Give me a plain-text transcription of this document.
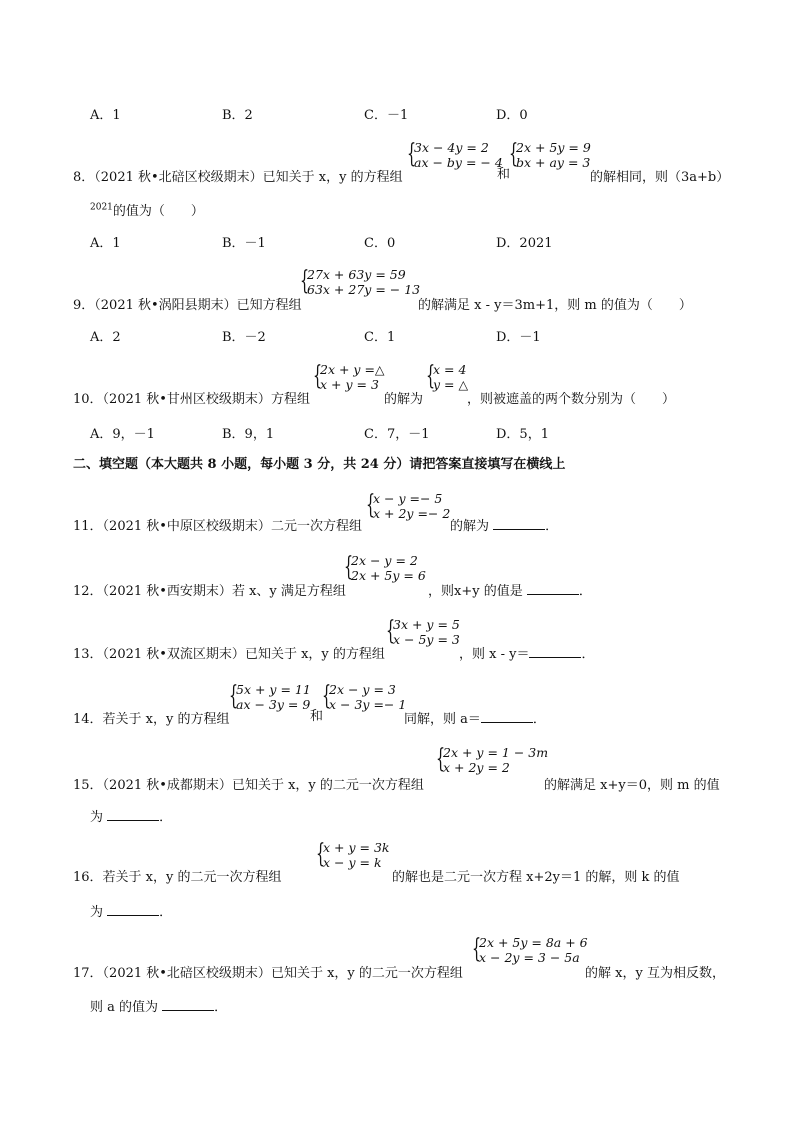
A．1	B．2	C．－1	D．0
8．（2021 秋•北碚区校级期末）已知关于 x，y 的方程组
{
3x − 4y = 2
ax − by = − 4
和
{
2x + 5y = 9
bx + ay = 3
的解相同，则（3a+b）
$^{2021}$的值为（　　）
A．1	B．－1	C．0	D．2021
9．（2021 秋•涡阳县期末）已知方程组
{
27x + 63y = 59
63x + 27y = − 13
的解满足 x - y＝3m+1，则 m 的值为（　　）
A．2	B．－2	C．1	D．－1
10．（2021 秋•甘州区校级期末）方程组
{
2x + y =△
x + y = 3
的解为
{
x = 4
y = △
，则被遮盖的两个数分别为（　　）
A．9，－1	B．9，1	C．7，－1	D．5，1
二、填空题（本大题共 8 小题，每小题 3 分，共 24 分）请把答案直接填写在横线上
11．（2021 秋•中原区校级期末）二元一次方程组
{
x − y =− 5
x + 2y =− 2
的解为	．
12．（2021 秋•西安期末）若 x、y 满足方程组
{
2x − y = 2
2x + 5y = 6
，则x+y 的值是	．
13．（2021 秋•双流区期末）已知关于 x，y 的方程组
{
3x + y = 5
x − 5y = 3
，则 x - y＝	．
14．若关于 x，y 的方程组
{
5x + y = 11
ax − 3y = 9
和
{
2x − y = 3
x − 3y =− 1
同解，则 a＝	．
15．（2021 秋•成都期末）已知关于 x，y 的二元一次方程组
{
2x + y = 1 − 3m
x + 2y = 2
的解满足 x+y＝0，则 m 的值
为	．
16．若关于 x，y 的二元一次方程组
{
x + y = 3k
x − y = k
的解也是二元一次方程 x+2y＝1 的解，则 k 的值
为	．
17．（2021 秋•北碚区校级期末）已知关于 x，y 的二元一次方程组
{
2x + 5y = 8a + 6
x − 2y = 3 − 5a
的解 x，y 互为相反数，
则 a 的值为	．
